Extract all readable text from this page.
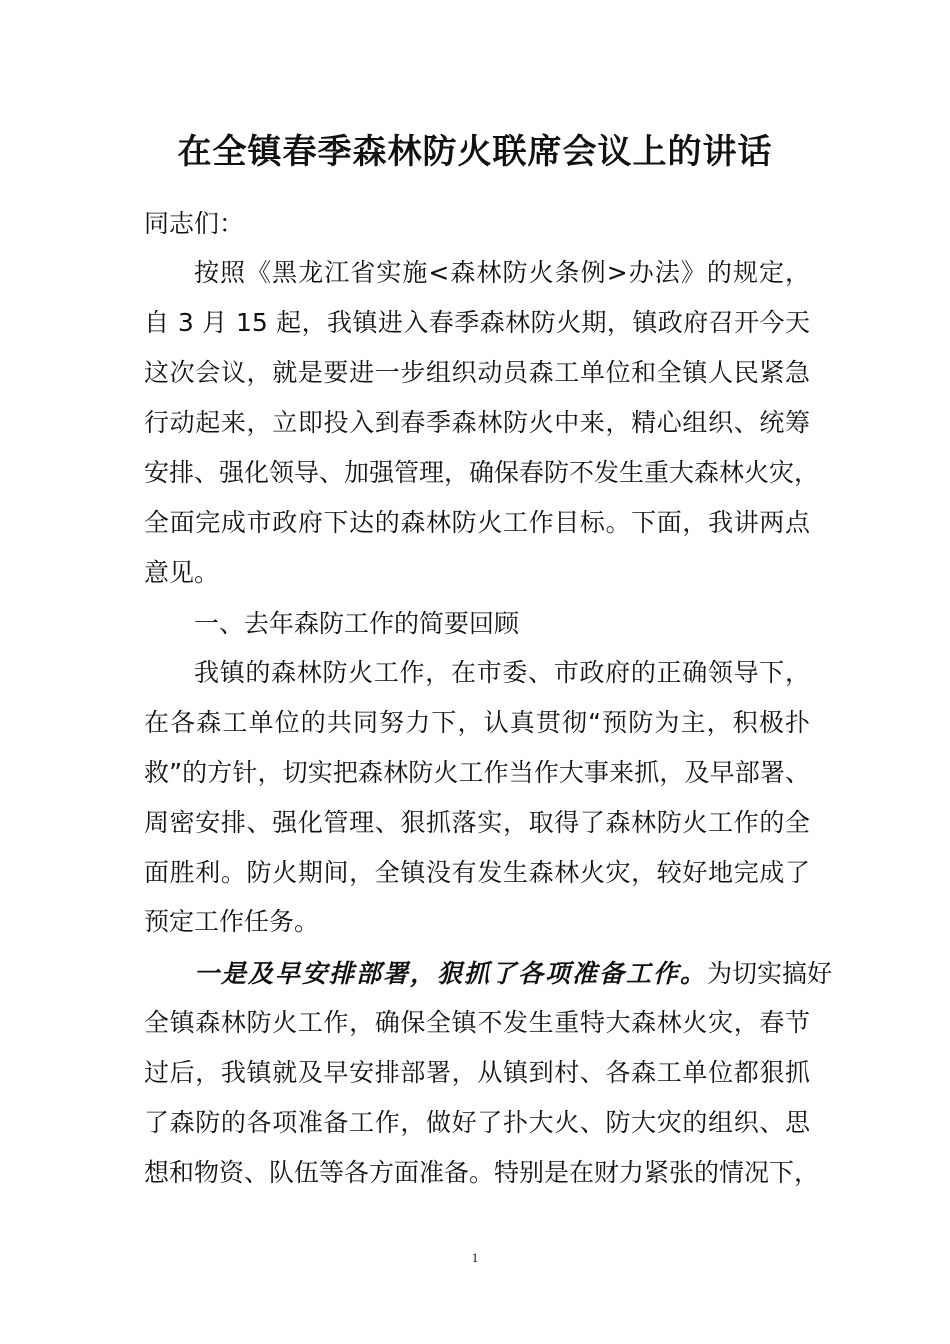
在全镇春季森林防火联席会议上的讲话

同志们：

按照《黑龙江省实施<森林防火条例>办法》的规定，

自 3 月 15 起，我镇进入春季森林防火期，镇政府召开今天

这次会议，就是要进一步组织动员森工单位和全镇人民紧急

行动起来，立即投入到春季森林防火中来，精心组织、统筹

安排、强化领导、加强管理，确保春防不发生重大森林火灾，

全面完成市政府下达的森林防火工作目标。下面，我讲两点

意见。

一、去年森防工作的简要回顾

我镇的森林防火工作，在市委、市政府的正确领导下，

在各森工单位的共同努力下，认真贯彻“预防为主，积极扑

救”的方针，切实把森林防火工作当作大事来抓，及早部署、

周密安排、强化管理、狠抓落实，取得了森林防火工作的全

面胜利。防火期间，全镇没有发生森林火灾，较好地完成了

预定工作任务。

一是及早安排部署，狠抓了各项准备工作。为切实搞好

全镇森林防火工作，确保全镇不发生重特大森林火灾，春节

过后，我镇就及早安排部署，从镇到村、各森工单位都狠抓

了森防的各项准备工作，做好了扑大火、防大灾的组织、思

想和物资、队伍等各方面准备。特别是在财力紧张的情况下，

1
